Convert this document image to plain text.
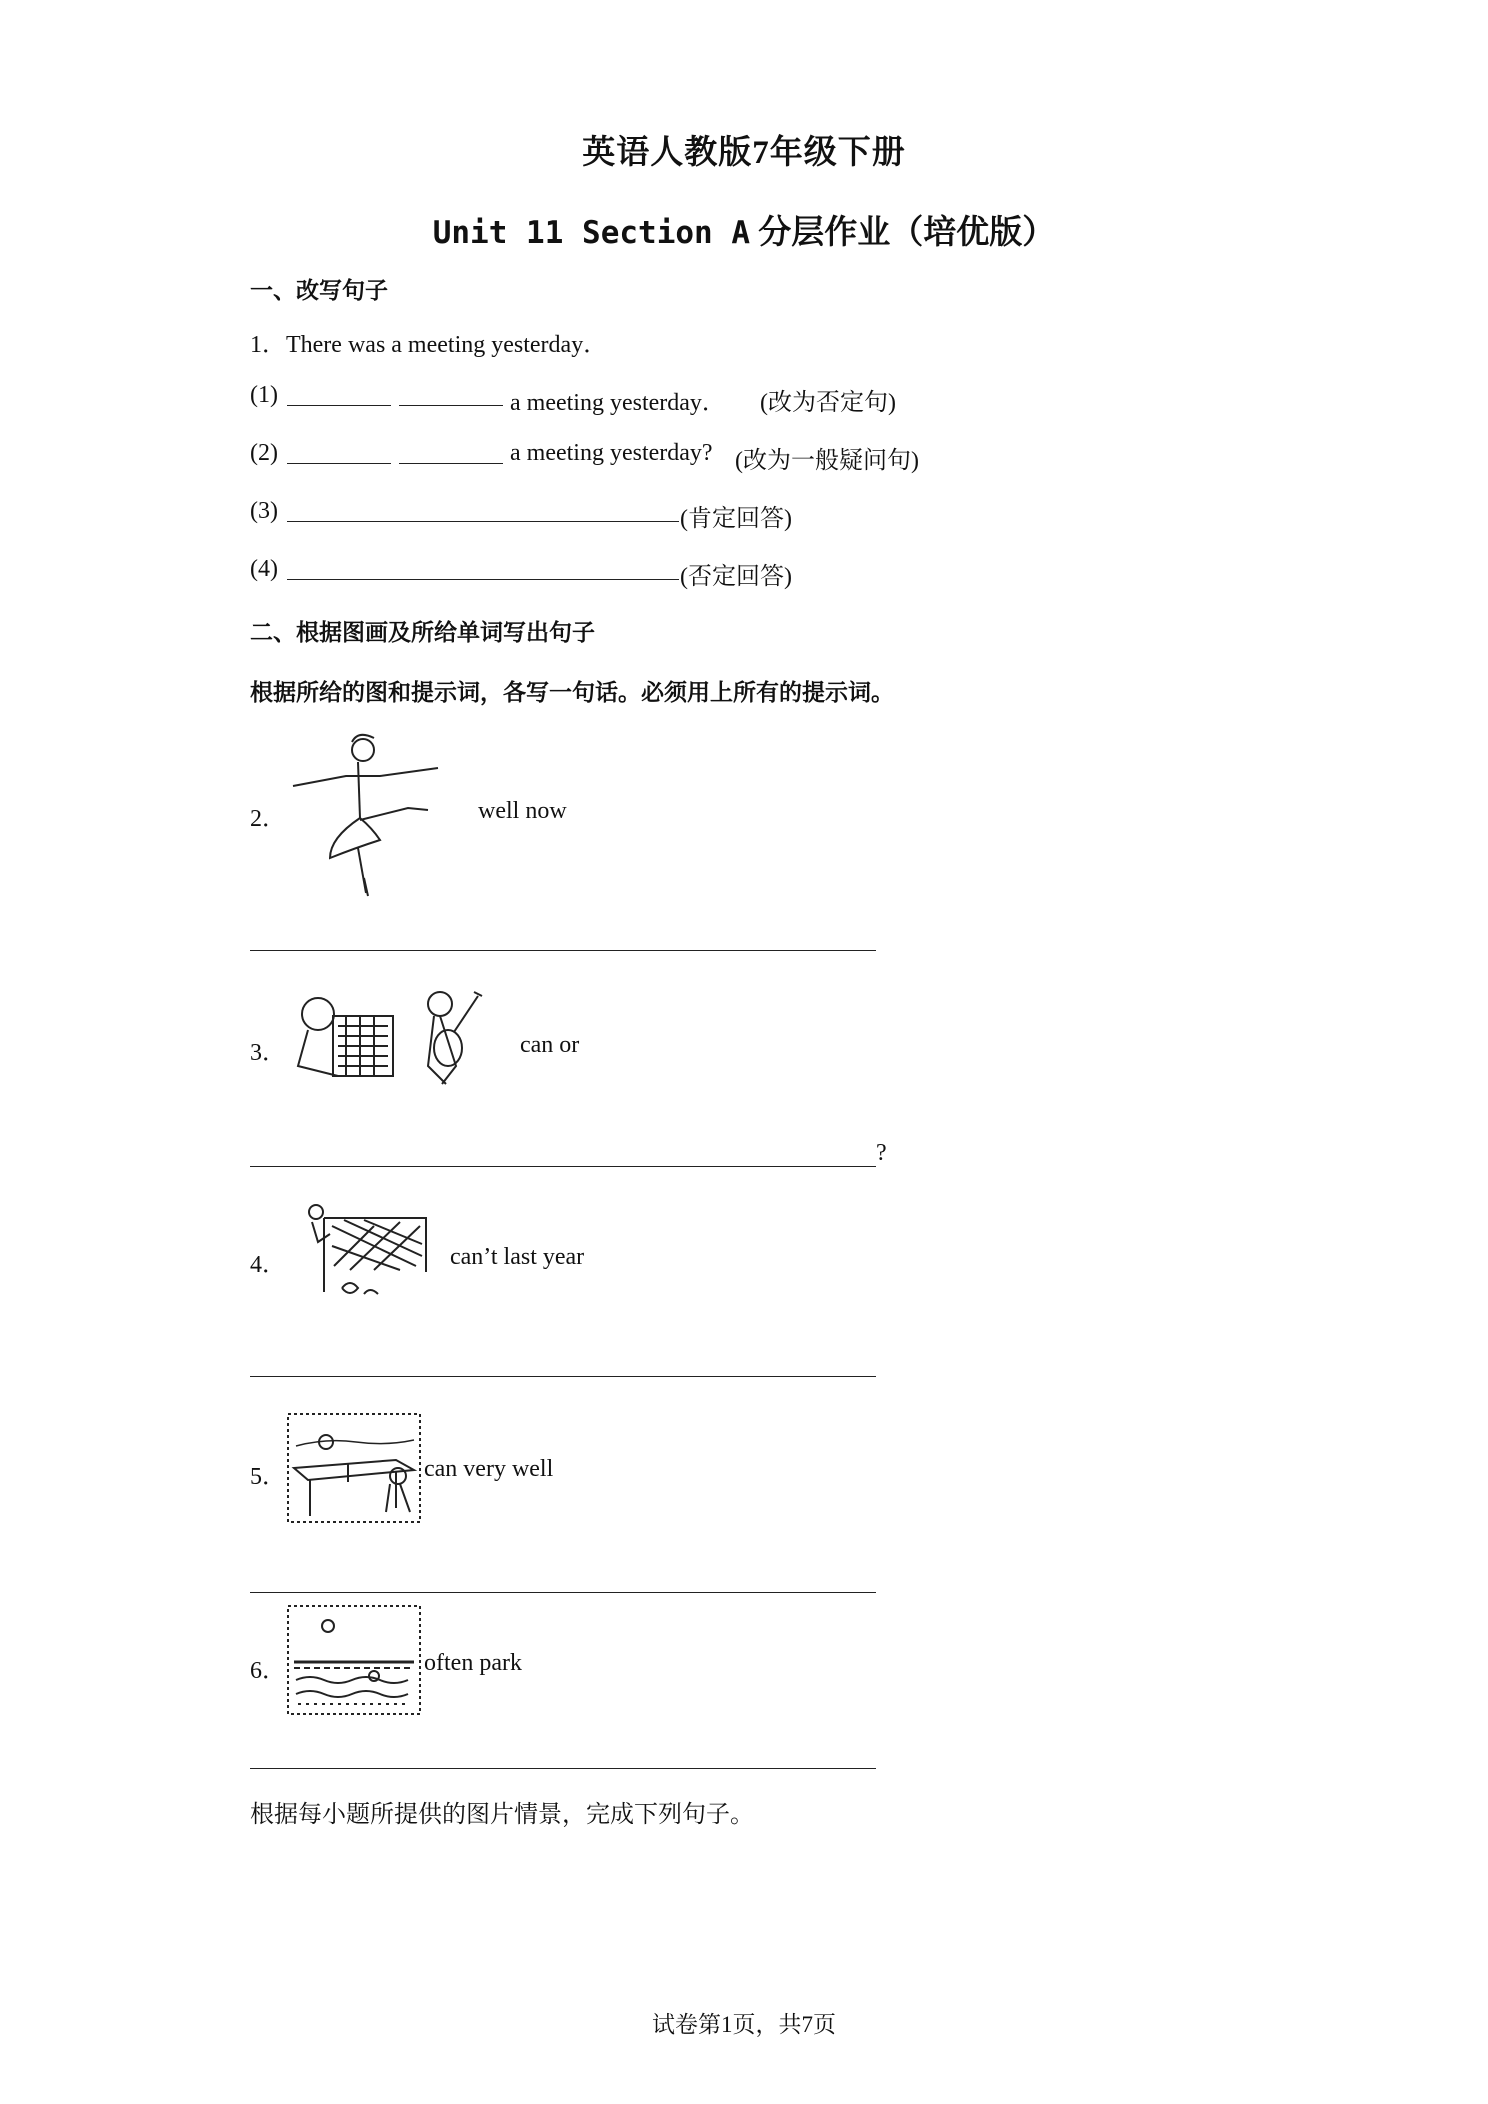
英语人教版7年级下册
Unit 11 Section A 分层作业（培优版）
一、改写句子
1．There was a meeting yesterday．
(1)	a meeting yesterday． (改为否定句)
(2)	a meeting yesterday? (改为一般疑问句)
(3)	(肯定回答)
(4)	(否定回答)
二、根据图画及所给单词写出句子
根据所给的图和提示词，各写一句话。必须用上所有的提示词。
2．	well now
3．	can or
?
4．	can’t last year
5．	can very well
6．	often park
根据每小题所提供的图片情景，完成下列句子。
试卷第1页，共7页
